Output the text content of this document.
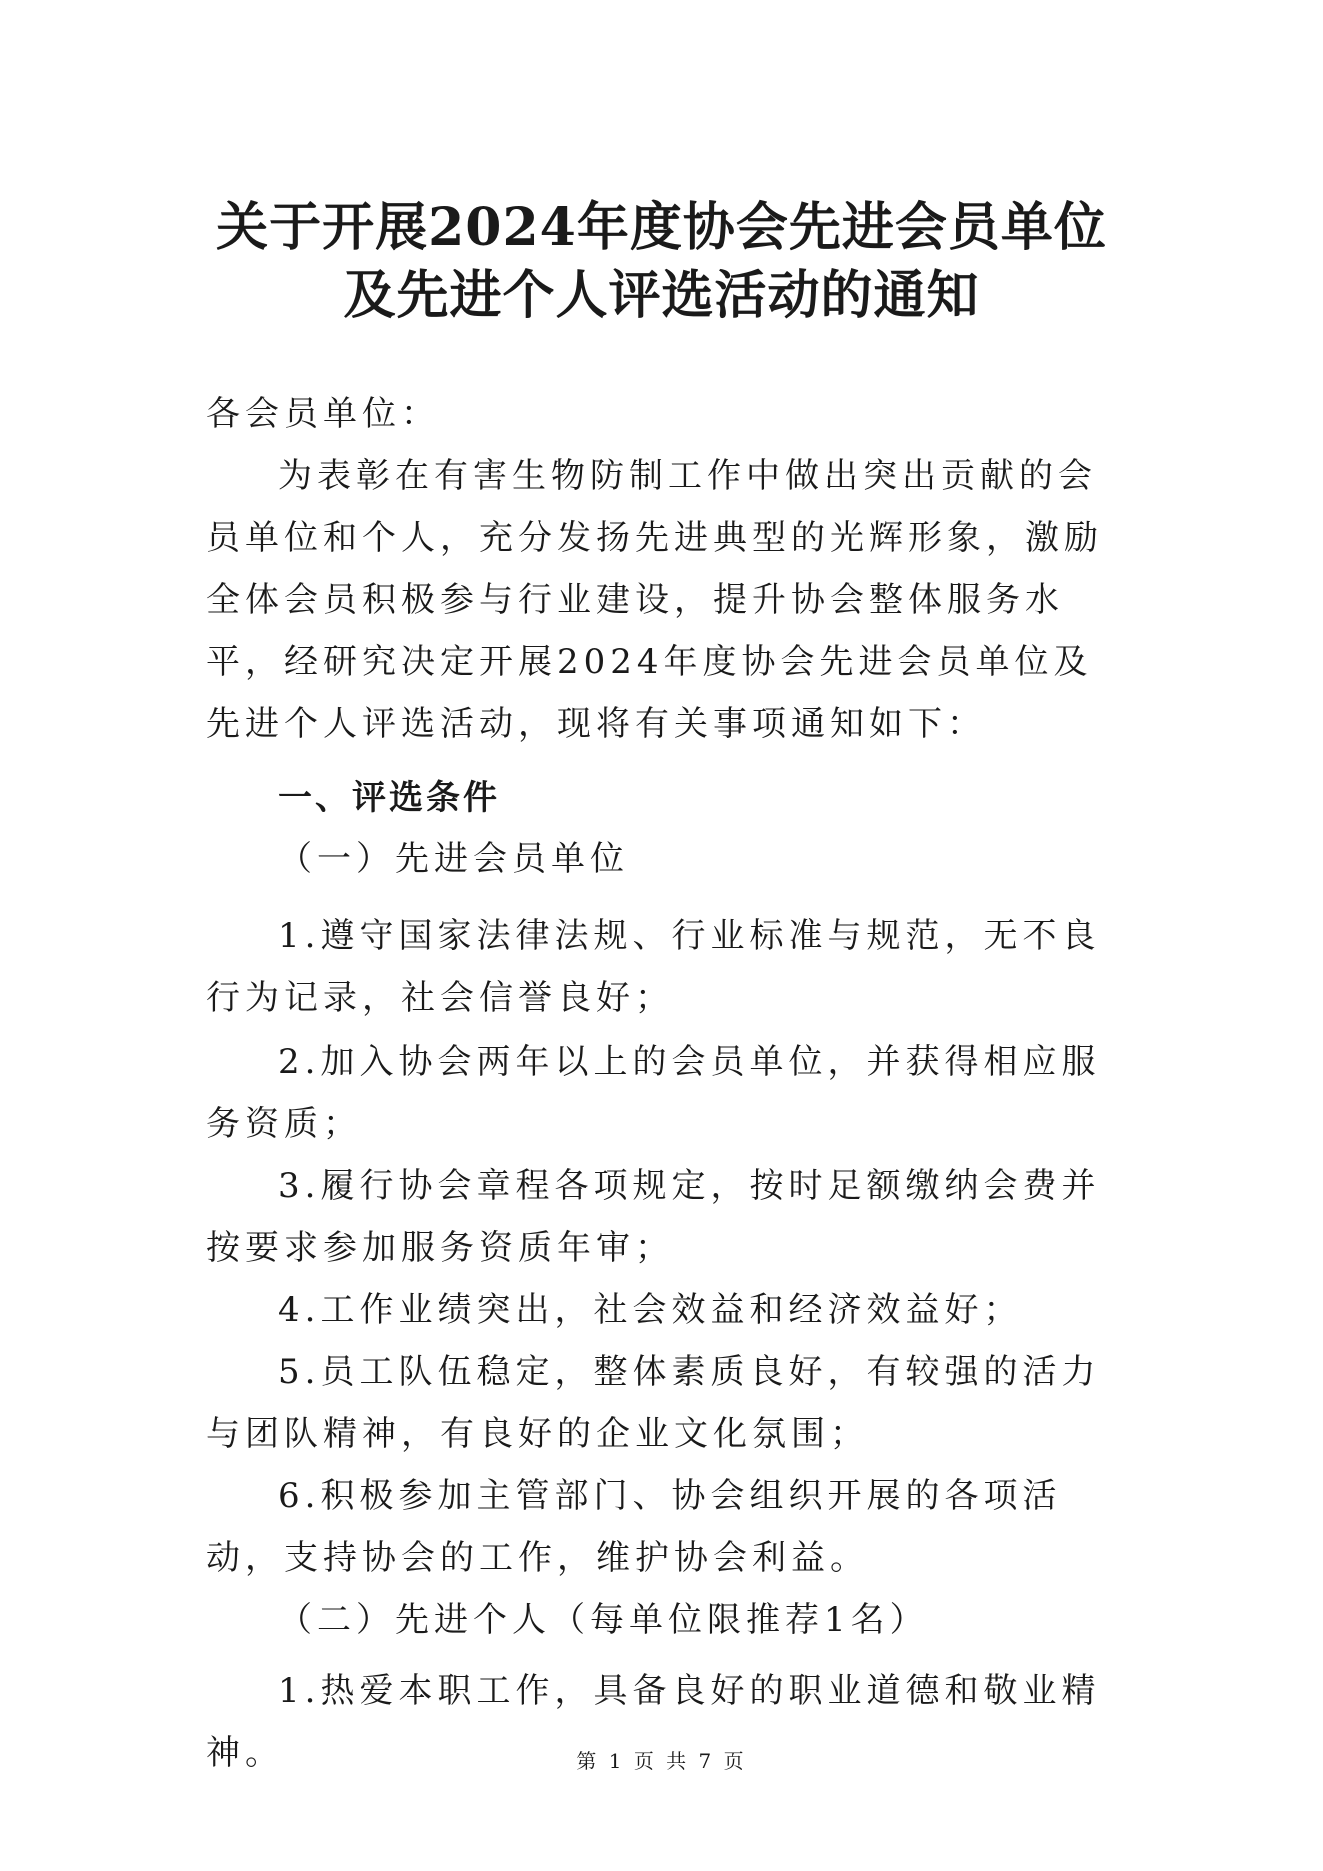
关于开展2024年度协会先进会员单位
及先进个人评选活动的通知

各会员单位：

为表彰在有害生物防制工作中做出突出贡献的会员单位和个人，充分发扬先进典型的光辉形象，激励全体会员积极参与行业建设，提升协会整体服务水平，经研究决定开展2024年度协会先进会员单位及先进个人评选活动，现将有关事项通知如下：

一、评选条件

（一）先进会员单位

1.遵守国家法律法规、行业标准与规范，无不良行为记录，社会信誉良好；

2.加入协会两年以上的会员单位，并获得相应服务资质；

3.履行协会章程各项规定，按时足额缴纳会费并按要求参加服务资质年审；

4.工作业绩突出，社会效益和经济效益好；

5.员工队伍稳定，整体素质良好，有较强的活力与团队精神，有良好的企业文化氛围；

6.积极参加主管部门、协会组织开展的各项活动，支持协会的工作，维护协会利益。

（二）先进个人（每单位限推荐1名）

1.热爱本职工作，具备良好的职业道德和敬业精神。	第 1 页 共 7 页
